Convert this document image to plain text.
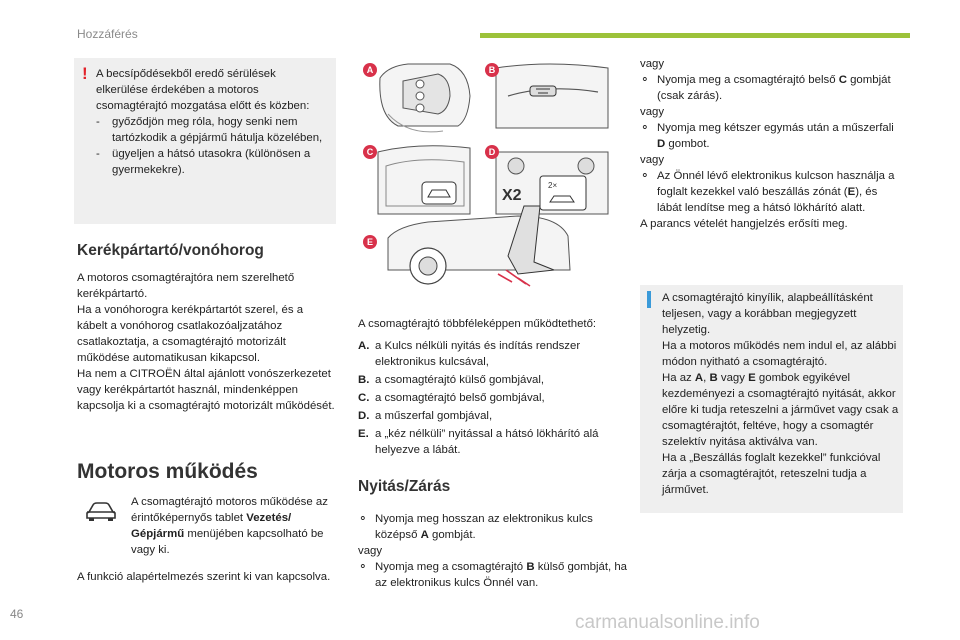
Hozzáférés
! A becsípődésekből eredő sérülések elkerülése érdekében a motoros csomagtérajtó mozgatása előtt és közben:
-	győződjön meg róla, hogy senki nem tartózkodik a gépjármű hátulja közelében,
-	ügyeljen a hátsó utasokra (különösen a gyermekekre).
Kerékpártartó/vonóhorog
A motoros csomagtérajtóra nem szerelhető kerékpártartó.
Ha a vonóhorogra kerékpártartót szerel, és a kábelt a vonóhorog csatlakozóaljzatához csatlakoztatja, a csomagtérajtó motorizált működése automatikusan kikapcsol.
Ha nem a CITROËN által ajánlott vonószerkezetet vagy kerékpártartót használ, mindenképpen kapcsolja ki a csomagtérajtó motorizált működését.
Motoros működés
A csomagtérajtó motoros működése az érintőképernyős tablet Vezetés/ Gépjármű menüjében kapcsolható be vagy ki.
A funkció alapértelmezés szerint ki van kapcsolva.
2×
X2
A	B
C	D
E
A csomagtérajtó többféleképpen működtethető:
A. a Kulcs nélküli nyitás és indítás rendszer elektronikus kulcsával,
B. a csomagtérajtó külső gombjával,
C. a csomagtérajtó belső gombjával,
D. a műszerfal gombjával,
E. a „kéz nélküli” nyitással a hátsó lökhárító alá helyezve a lábát.
Nyitás/Zárás
⚬ Nyomja meg hosszan az elektronikus kulcs középső A gombját.
vagy
⚬ Nyomja meg a csomagtérajtó B külső gombját, ha az elektronikus kulcs Önnél van.
vagy
⚬ Nyomja meg a csomagtérajtó belső C gombját (csak zárás).
vagy
⚬ Nyomja meg kétszer egymás után a műszerfali D gombot.
vagy
⚬ Az Önnél lévő elektronikus kulcson használja a foglalt kezekkel való beszállás zónát (E), és lábát lendítse meg a hátsó lökhárító alatt.
A parancs vételét hangjelzés erősíti meg.
A csomagtérajtó kinyílik, alapbeállításként teljesen, vagy a korábban megjegyzett helyzetig.
Ha a motoros működés nem indul el, az alábbi módon nyitható a csomagtérajtó.
Ha az A, B vagy E gombok egyikével kezdeményezi a csomagtérajtó nyitását, akkor előre ki tudja reteszelni a járművet vagy csak a csomagtérajtót, feltéve, hogy a csomagtér szelektív nyitása aktiválva van.
Ha a „Beszállás foglalt kezekkel” funkcióval zárja a csomagtérajtót, reteszelni tudja a járművet.
46	carmanualsonline.info
